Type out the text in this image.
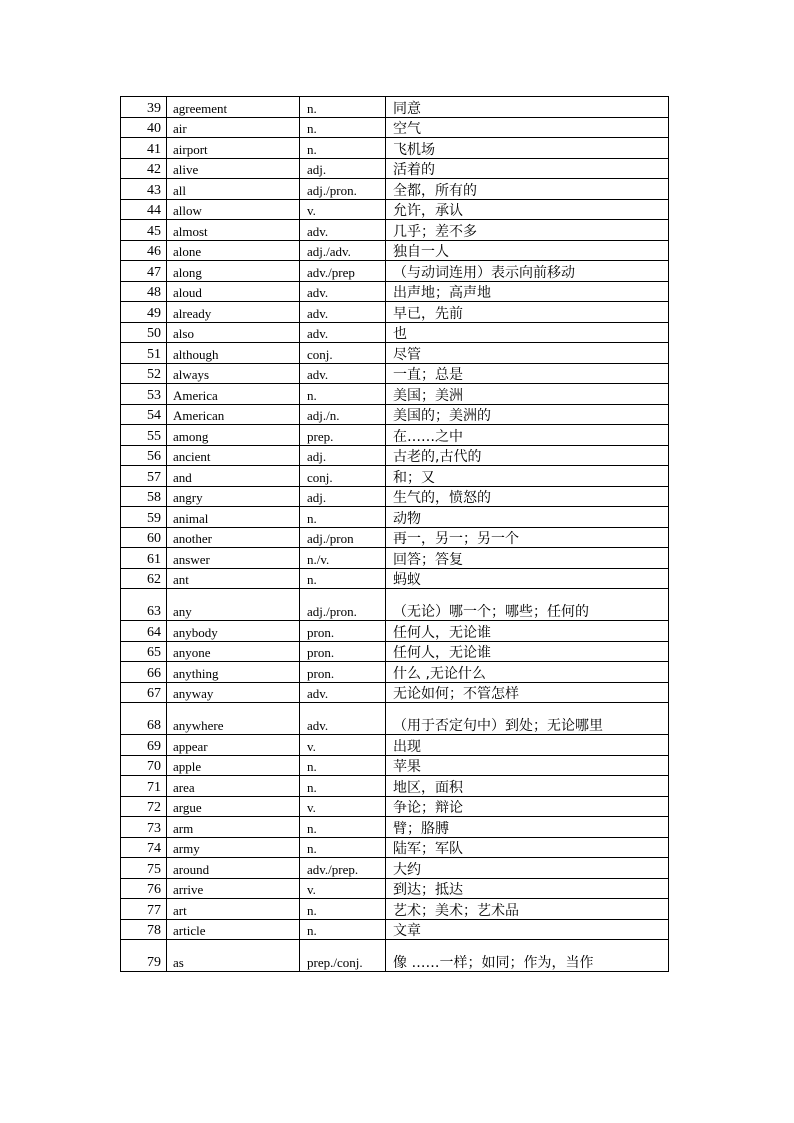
39	agreement	n.	同意
40	air	n.	空气
41	airport	n.	飞机场
42	alive	adj.	活着的
43	all	adj./pron.	全都，所有的
44	allow	v.	允许，承认
45	almost	adv.	几乎；差不多
46	alone	adj./adv.	独自一人
47	along	adv./prep	（与动词连用）表示向前移动
48	aloud	adv.	出声地；高声地
49	already	adv.	早已，先前
50	also	adv.	也
51	although	conj.	尽管
52	always	adv.	一直；总是
53	America	n.	美国；美洲
54	American	adj./n.	美国的；美洲的
55	among	prep.	在……之中
56	ancient	adj.	古老的,古代的
57	and	conj.	和；又
58	angry	adj.	生气的，愤怒的
59	animal	n.	动物
60	another	adj./pron	再一，另一；另一个
61	answer	n./v.	回答；答复
62	ant	n.	蚂蚁
63	any	adj./pron.	（无论）哪一个；哪些；任何的
64	anybody	pron.	任何人，无论谁
65	anyone	pron.	任何人，无论谁
66	anything	pron.	什么 ,无论什么
67	anyway	adv.	无论如何；不管怎样
68	anywhere	adv.	（用于否定句中）到处；无论哪里
69	appear	v.	出现
70	apple	n.	苹果
71	area	n.	地区，面积
72	argue	v.	争论；辩论
73	arm	n.	臂；胳膊
74	army	n.	陆军；军队
75	around	adv./prep.	大约
76	arrive	v.	到达；抵达
77	art	n.	艺术；美术；艺术品
78	article	n.	文章
79	as	prep./conj.	像 ……一样；如同；作为，当作
